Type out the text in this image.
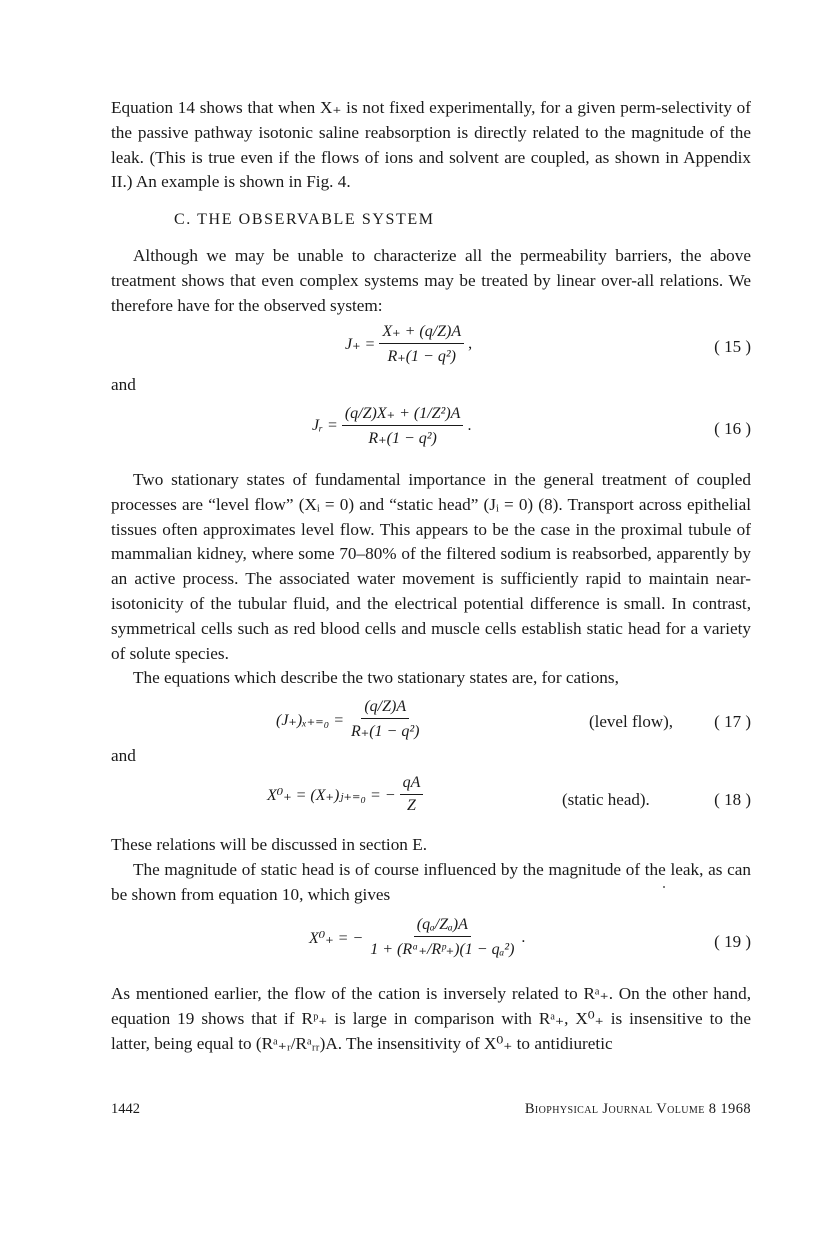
Equation 14 shows that when X₊ is not fixed experimentally, for a given perm-selectivity of the passive pathway isotonic saline reabsorption is directly related to the magnitude of the leak. (This is true even if the flows of ions and solvent are coupled, as shown in Appendix II.) An example is shown in Fig. 4.

C. THE OBSERVABLE SYSTEM

Although we may be unable to characterize all the permeability barriers, the above treatment shows that even complex systems may be treated by linear over-all relations. We therefore have for the observed system:

$J_+ = \frac{X_+ + (q/Z)A}{\text{R₊(1 − q²)}}$ ,	( 15 )
and
Jᵣ = $\frac{\text{(q/Z)X₊ + (1/Z²)A}}{\text{R₊(1 − q²)}}$ .	( 16 )

Two stationary states of fundamental importance in the general treatment of coupled processes are “level flow” (Xᵢ = 0) and “static head” (Jᵢ = 0) (8). Transport across epithelial tissues often approximates level flow. This appears to be the case in the proximal tubule of mammalian kidney, where some 70–80% of the filtered sodium is reabsorbed, apparently by an active process. The associated water movement is sufficiently rapid to maintain near-isotonicity of the tubular fluid, and the electrical potential difference is small. In contrast, symmetrical cells such as red blood cells and muscle cells establish static head for a variety of solute species.

The equations which describe the two stationary states are, for cations,

$(J_+)_{x+=0} = \frac{(q/Z)A}{\text{R₊(1 − q²)}}$	(level flow), ( 17 )
and
X⁰₊ = (X₊)ⱼ₊₌₀ = − $\frac{qA}{Z}$	(static head).	( 18 )

These relations will be discussed in section E.

The magnitude of static head is of course influenced by the magnitude of the leak, as can be shown from equation 10, which gives

X⁰₊ = − $\frac{\text{(qₐ/Zₐ)A}}{\text{1 + (Rᵃ₊/Rᵖ₊)(1 − qₐ²)}}$ .	( 19 )

As mentioned earlier, the flow of the cation is inversely related to Rᵃ₊. On the other hand, equation 19 shows that if Rᵖ₊ is large in comparison with Rᵃ₊, X⁰₊ is insensitive to the latter, being equal to (Rᵃ₊ᵣ/Rᵃᵣᵣ)A. The insensitivity of X⁰₊ to antidiuretic

1442	Biophysical Journal Volume 8 1968
